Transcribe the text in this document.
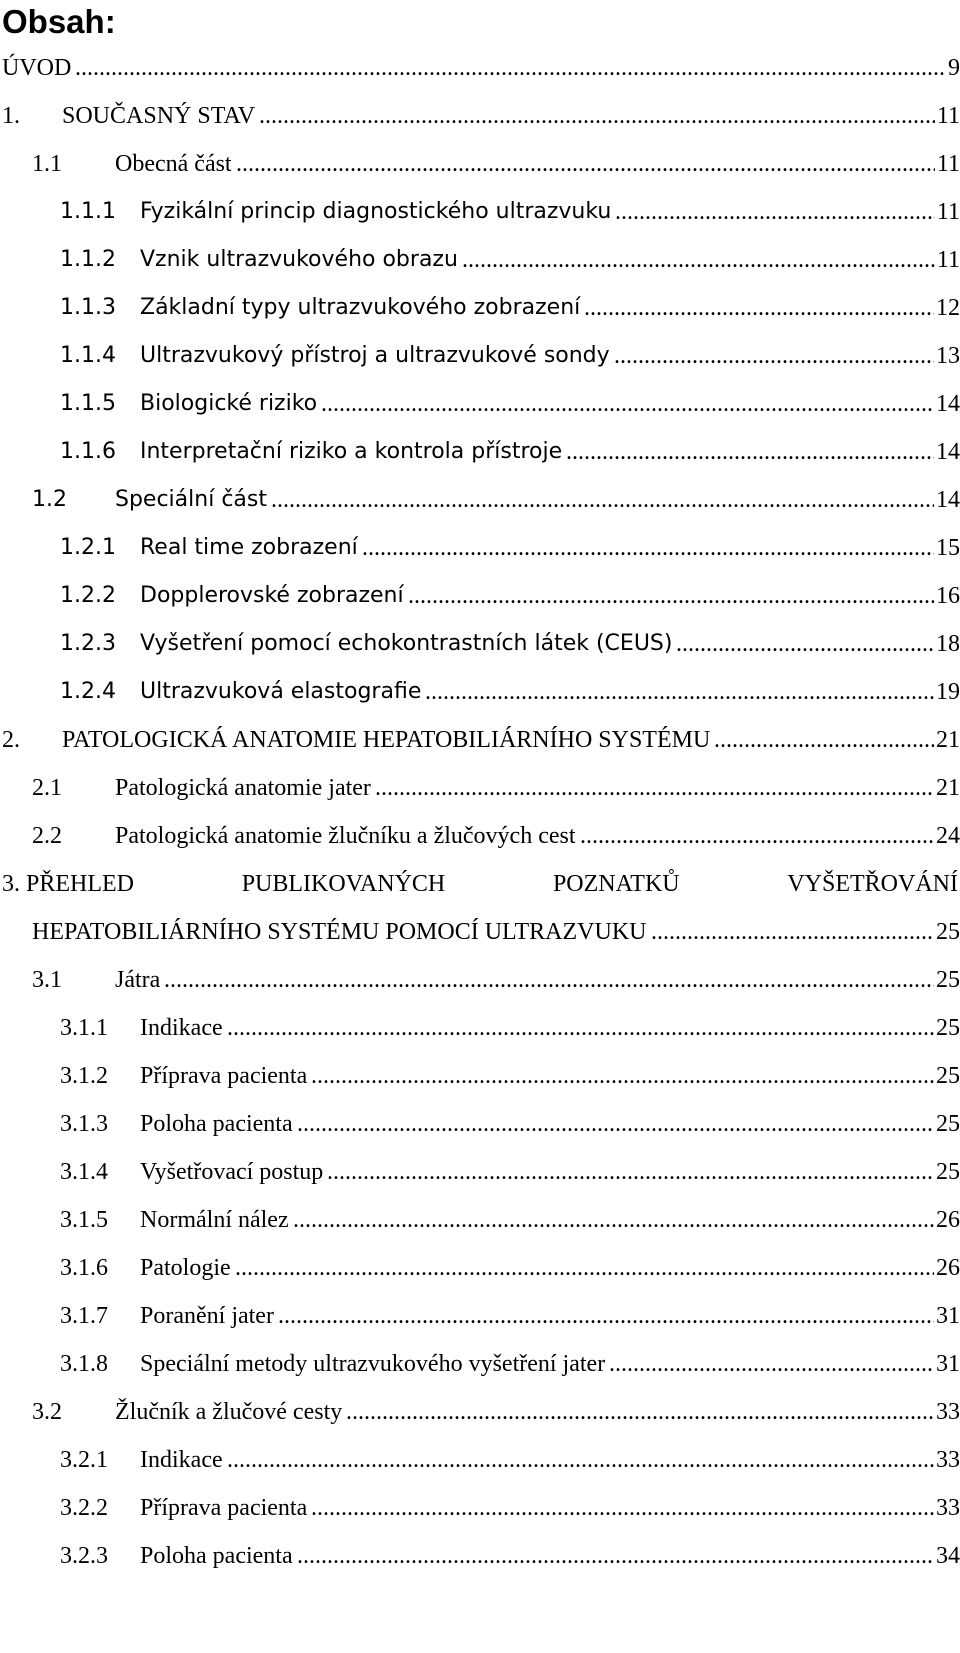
Obsah:
ÚVOD .....	9
.....
1. SOUČASNÝ STAV	11
.....
1.1 Obecná část	11
.....
1.1.1 Fyzikální princip diagnostického ultrazvuku	11
.....
1.1.2 Vznik ultrazvukového obrazu	11
.....
1.1.3 Základní typy ultrazvukového zobrazení	12
.....
1.1.4 Ultrazvukový přístroj a ultrazvukové sondy	13
.....
1.1.5 Biologické riziko	14
.....
1.1.6 Interpretační riziko a kontrola přístroje	14
.....
1.2 Speciální část	14
.....
1.2.1 Real time zobrazení	15
.....
1.2.2 Dopplerovské zobrazení	16
.....
1.2.3 Vyšetření pomocí echokontrastních látek (CEUS)	18
.....
1.2.4 Ultrazvuková elastografie	19
.....
2. PATOLOGICKÁ ANATOMIE HEPATOBILIÁRNÍHO SYSTÉMU	21
.....
2.1 Patologická anatomie jater	21
.....
2.2 Patologická anatomie žlučníku a žlučových cest	24
3. PŘEHLED	PUBLIKOVANÝCH	POZNATKŮ	VYŠETŘOVÁNÍ
.....
HEPATOBILIÁRNÍHO SYSTÉMU POMOCÍ ULTRAZVUKU	25
.....
3.1 Játra	25
.....
3.1.1 Indikace	25
.....
3.1.2 Příprava pacienta	25
.....
3.1.3 Poloha pacienta	25
.....
3.1.4 Vyšetřovací postup	25
.....
3.1.5 Normální nález	26
.....
3.1.6 Patologie	26
.....
3.1.7 Poranění jater	31
.....
3.1.8 Speciální metody ultrazvukového vyšetření jater	31
.....
3.2 Žlučník a žlučové cesty	33
.....
3.2.1 Indikace	33
.....
3.2.2 Příprava pacienta	33
.....
3.2.3 Poloha pacienta	34
